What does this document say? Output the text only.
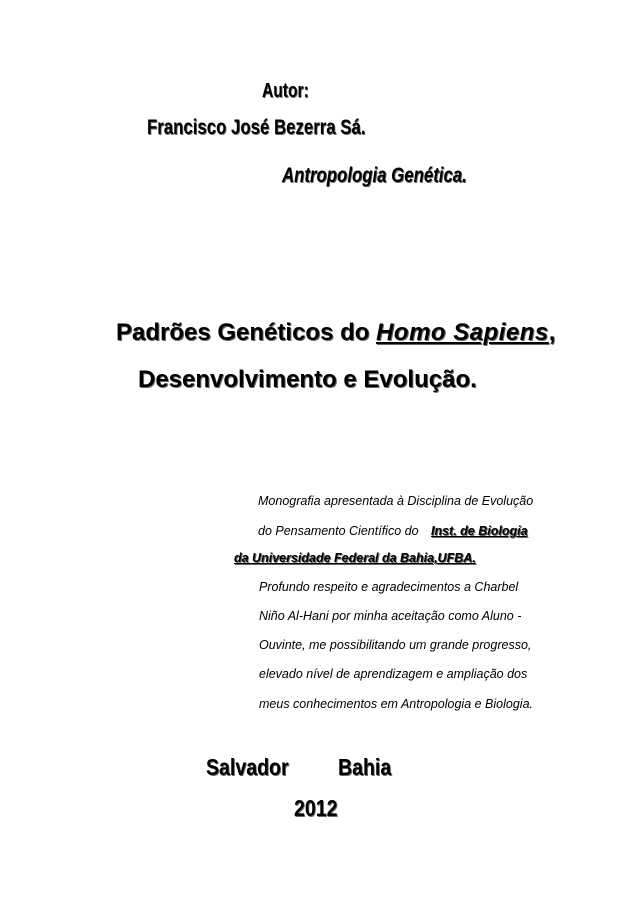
Autor:
Francisco José Bezerra Sá.
Antropologia Genética.
Padrões Genéticos do Homo Sapiens,
Desenvolvimento e Evolução.
Monografia apresentada à Disciplina de Evolução
do Pensamento Científico do Inst. de Biologia
da Universidade Federal da Bahia,UFBA.
Profundo respeito e agradecimentos a Charbel
Niño Al-Hani por minha aceitação como Aluno -
Ouvinte, me possibilitando um grande progresso,
elevado nível de aprendizagem e ampliação dos
meus conhecimentos em Antropologia e Biologia.
Salvador Bahia
2012
